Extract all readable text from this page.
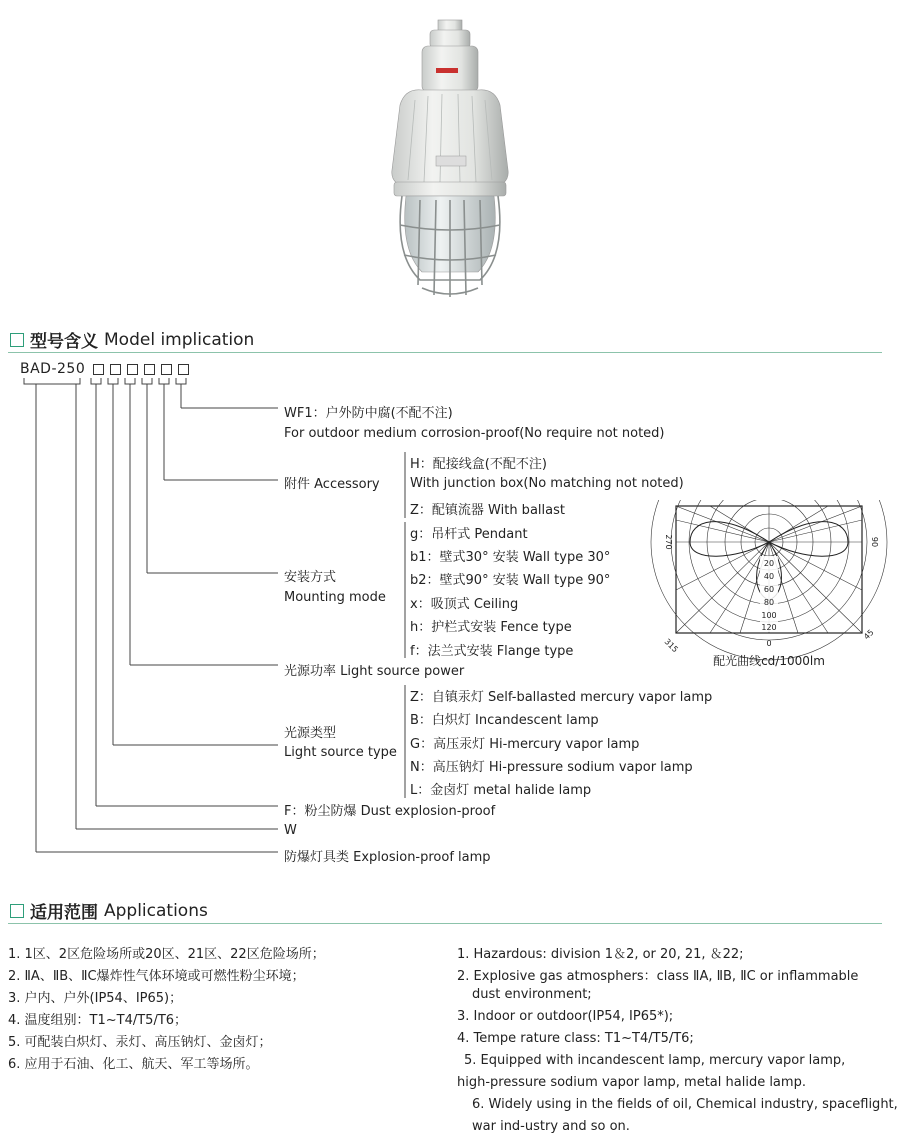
型号含义 Model implication
BAD-250
WF1：户外防中腐(不配不注)
For outdoor medium corrosion-proof(No require not noted)
附件 Accessory
H：配接线盒(不配不注)
With junction box(No matching not noted)
Z：配镇流器 With ballast
安装方式
Mounting mode
g：吊杆式 Pendant
b1：壁式30° 安装 Wall type 30°
b2：壁式90° 安装 Wall type 90°
x：吸顶式 Ceiling
h：护栏式安装 Fence type
f：法兰式安装 Flange type
光源功率 Light source power
光源类型
Light source type
Z：自镇汞灯 Self-ballasted mercury vapor lamp
B：白炽灯 Incandescent lamp
G：高压汞灯 Hi-mercury vapor lamp
N：高压钠灯 Hi-pressure sodium vapor lamp
L：金卤灯 metal halide lamp
F：粉尘防爆 Dust explosion-proof
W
防爆灯具类 Explosion-proof lamp
20
40
60
80
100
120
270	90
315	0
45
配光曲线cd/1000lm
适用范围 Applications
1. 1区、2区危险场所或20区、21区、22区危险场所；
2. ⅡA、ⅡB、ⅡC爆炸性气体环境或可燃性粉尘环境；
3. 户内、户外(IP54、IP65)；
4. 温度组别：T1~T4/T5/T6；
5. 可配装白炽灯、汞灯、高压钠灯、金卤灯；
6. 应用于石油、化工、航天、军工等场所。
1. Hazardous: division 1＆2, or 20, 21, ＆22;
2. Explosive gas atmosphers：class ⅡA, ⅡB, ⅡC or inflammable
dust environment;
3. Indoor or outdoor(IP54, IP65*);
4. Tempe rature class: T1~T4/T5/T6;
5. Equipped with incandescent lamp, mercury vapor lamp,
high-pressure sodium vapor lamp, metal halide lamp.
6. Widely using in the fields of oil, Chemical industry, spaceflight,
war ind-ustry and so on.
